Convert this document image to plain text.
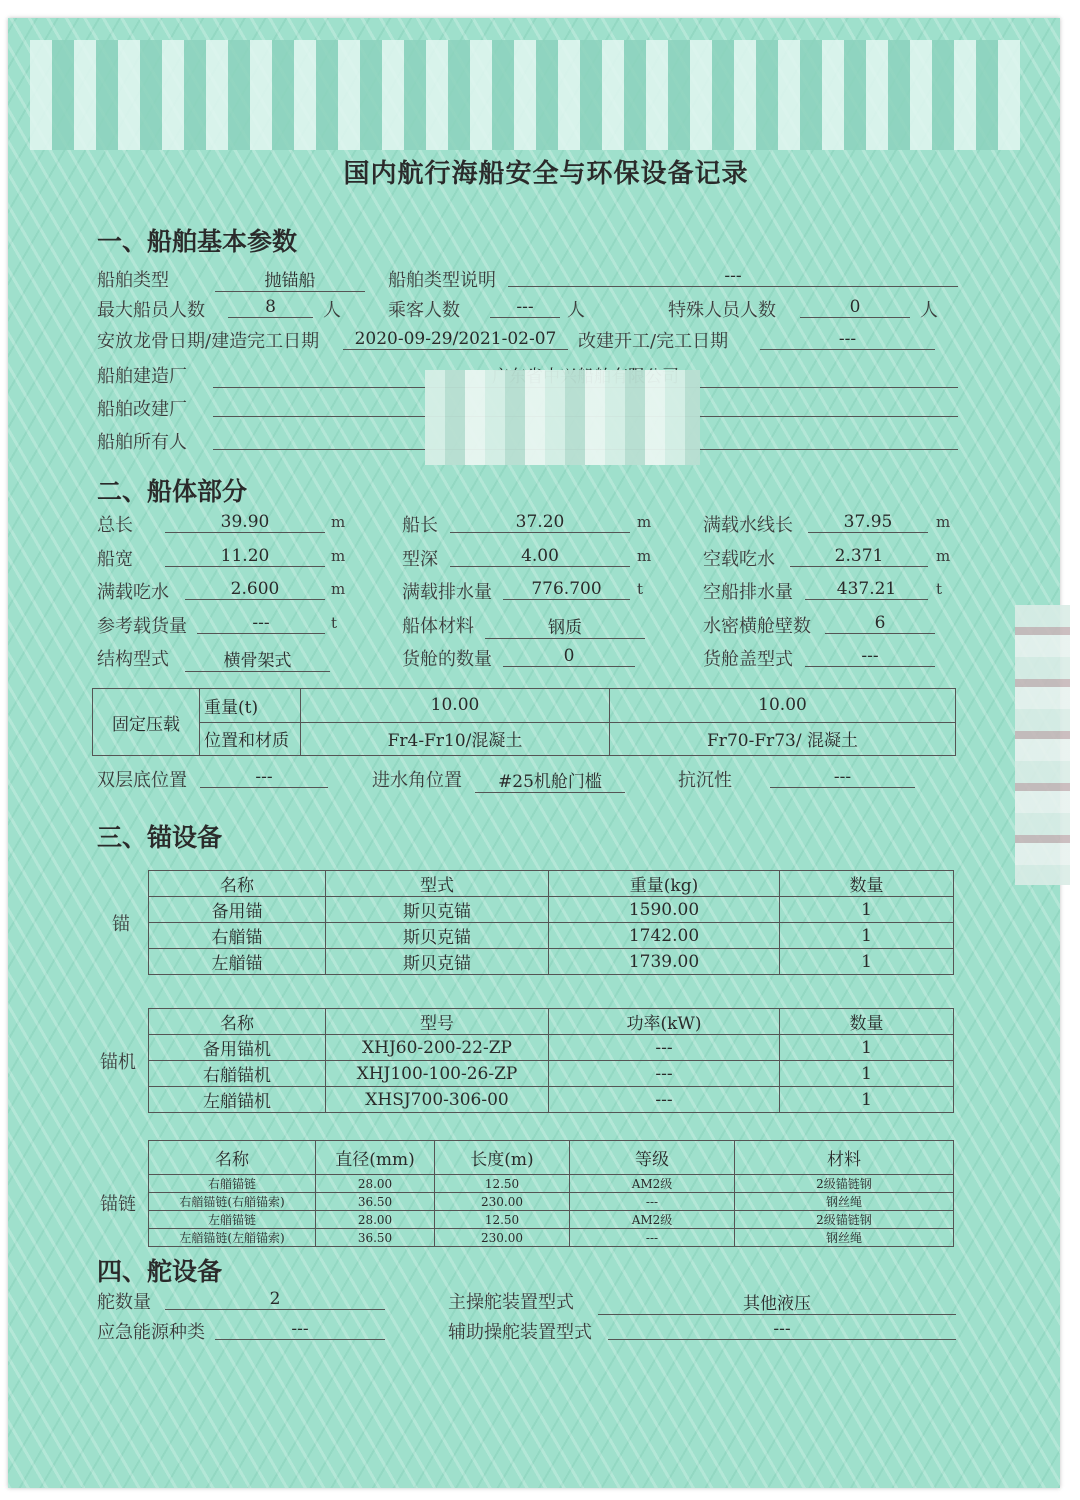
国内航行海船安全与环保设备记录
一、船舶基本参数
船舶类型	抛锚船	船舶类型说明	---
最大船员人数	8	人	乘客人数	---	人	特殊人员人数	0	人
安放龙骨日期/建造完工日期	2020-09-29/2021-02-07	改建开工/完工日期	---
船舶建造厂
船舶改建厂
船舶所有人
二、船体部分
总长	39.90	m	船长	37.20	m	满载水线长	37.95	m
船宽	11.20	m	型深	4.00	m	空载吃水	2.371	m
满载吃水	2.600	m	满载排水量	776.700	t	空船排水量	437.21	t
参考载货量	---	t	船体材料	钢质	水密横舱壁数	6
结构型式	横骨架式	货舱的数量	0	货舱盖型式	---
固定压载	重量(t)	10.00	10.00
	位置和材质	Fr4-Fr10/混凝土	Fr70-Fr73/ 混凝土
双层底位置	---	进水角位置	#25机舱门槛	抗沉性	---
三、锚设备
锚
名称	型式	重量(kg)	数量
备用锚	斯贝克锚	1590.00	1
右艏锚	斯贝克锚	1742.00	1
左艏锚	斯贝克锚	1739.00	1
锚机
名称	型号	功率(kW)	数量
备用锚机	XHJ60-200-22-ZP	---	1
右艏锚机	XHJ100-100-26-ZP	---	1
左艏锚机	XHSJ700-306-00	---	1
锚链
名称	直径(mm)	长度(m)	等级	材料
右艏锚链	28.00	12.50	AM2级	2级锚链钢
右艏锚链(右艏锚索)	36.50	230.00	---	钢丝绳
左艏锚链	28.00	12.50	AM2级	2级锚链钢
左艏锚链(左艏锚索)	36.50	230.00	---	钢丝绳
四、舵设备
舵数量	2	主操舵装置型式	其他液压
应急能源种类	---	辅助操舵装置型式	---
